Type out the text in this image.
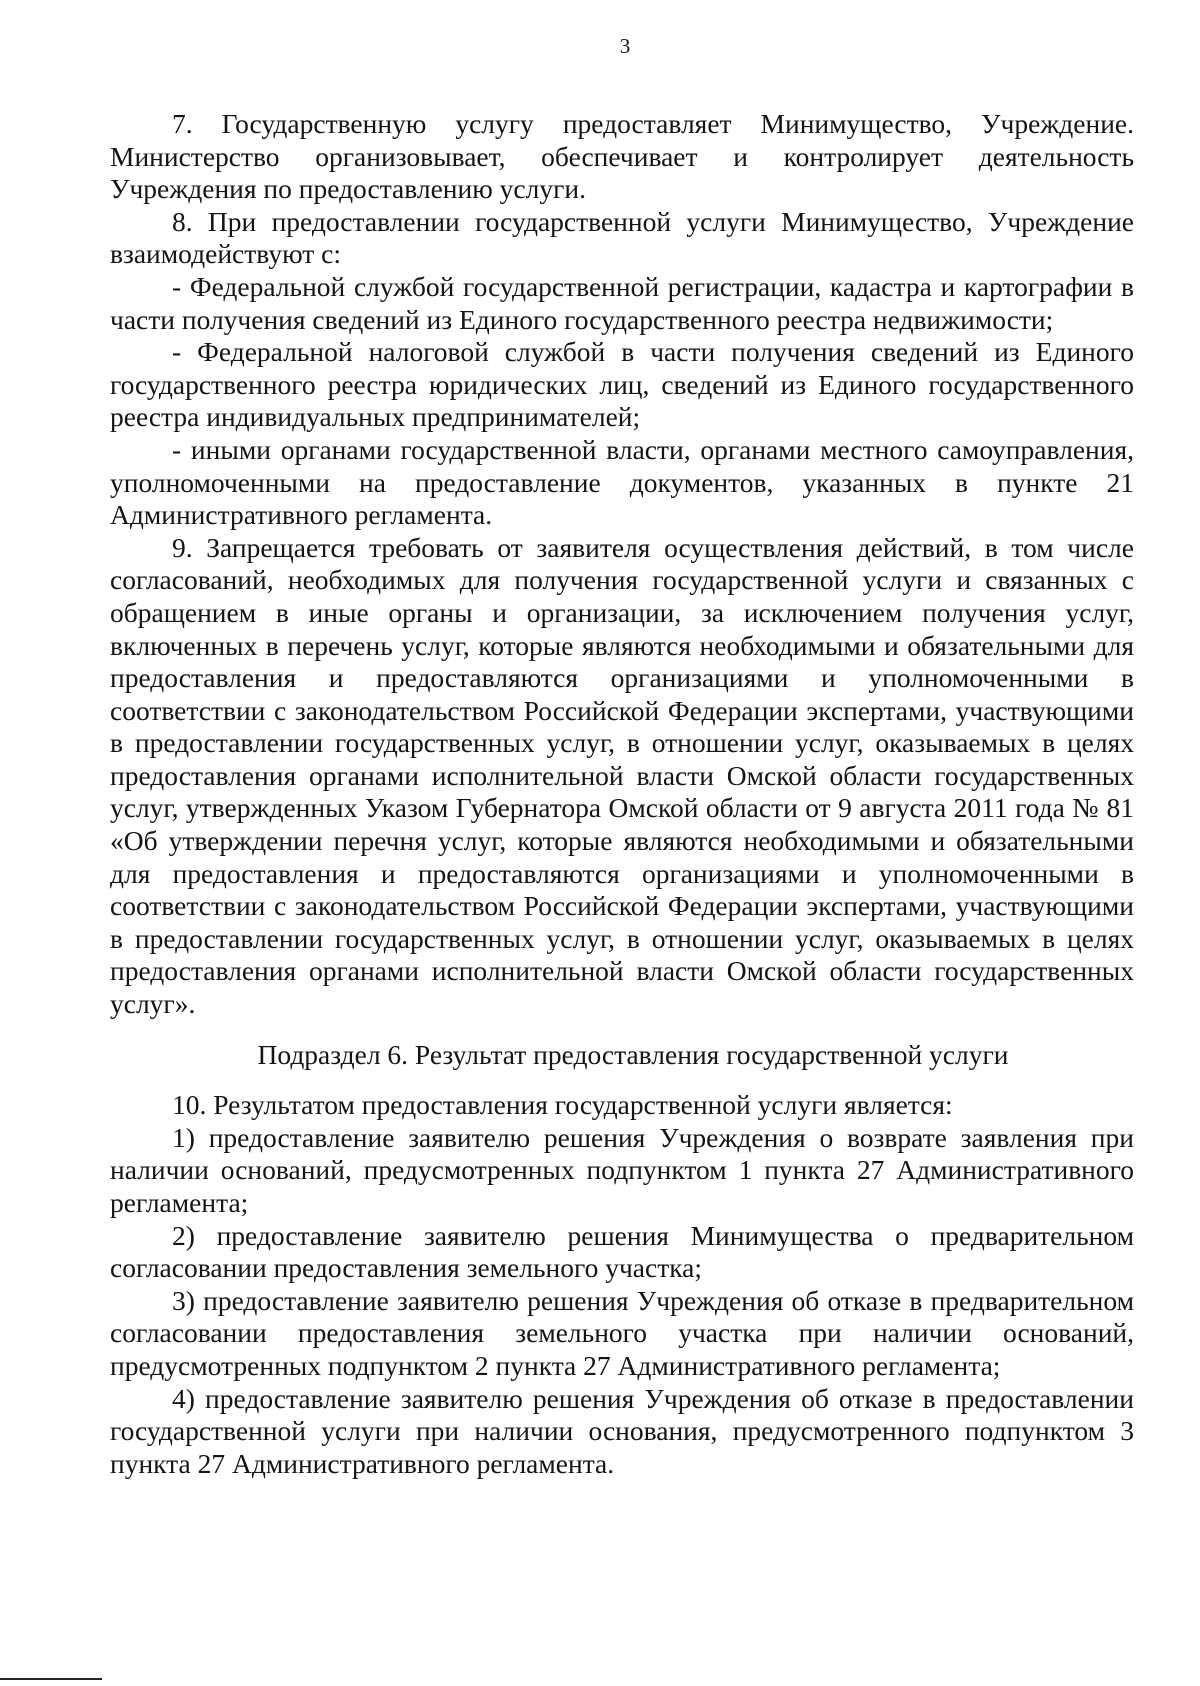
3

7. Государственную услугу предоставляет Минимущество, Учреждение. Министерство организовывает, обеспечивает и контролирует деятельность Учреждения по предоставлению услуги.

8. При предоставлении государственной услуги Минимущество, Учреждение взаимодействуют с:

- Федеральной службой государственной регистрации, кадастра и картографии в части получения сведений из Единого государственного реестра недвижимости;

- Федеральной налоговой службой в части получения сведений из Единого государственного реестра юридических лиц, сведений из Единого государственного реестра индивидуальных предпринимателей;

- иными органами государственной власти, органами местного самоуправления, уполномоченными на предоставление документов, указанных в пункте 21 Административного регламента.

9. Запрещается требовать от заявителя осуществления действий, в том числе согласований, необходимых для получения государственной услуги и связанных с обращением в иные органы и организации, за исключением получения услуг, включенных в перечень услуг, которые являются необходимыми и обязательными для предоставления и предоставляются организациями и уполномоченными в соответствии с законодательством Российской Федерации экспертами, участвующими в предоставлении государственных услуг, в отношении услуг, оказываемых в целях предоставления органами исполнительной власти Омской области государственных услуг, утвержденных Указом Губернатора Омской области от 9 августа 2011 года № 81 «Об утверждении перечня услуг, которые являются необходимыми и обязательными для предоставления и предоставляются организациями и уполномоченными в соответствии с законодательством Российской Федерации экспертами, участвующими в предоставлении государственных услуг, в отношении услуг, оказываемых в целях предоставления органами исполнительной власти Омской области государственных услуг».

Подраздел 6. Результат предоставления государственной услуги

10. Результатом предоставления государственной услуги является:

1) предоставление заявителю решения Учреждения о возврате заявления при наличии оснований, предусмотренных подпунктом 1 пункта 27 Административного регламента;

2) предоставление заявителю решения Минимущества о предварительном согласовании предоставления земельного участка;

3) предоставление заявителю решения Учреждения об отказе в предварительном согласовании предоставления земельного участка при наличии оснований, предусмотренных подпунктом 2 пункта 27 Административного регламента;

4) предоставление заявителю решения Учреждения об отказе в предоставлении государственной услуги при наличии основания, предусмотренного подпунктом 3 пункта 27 Административного регламента.
